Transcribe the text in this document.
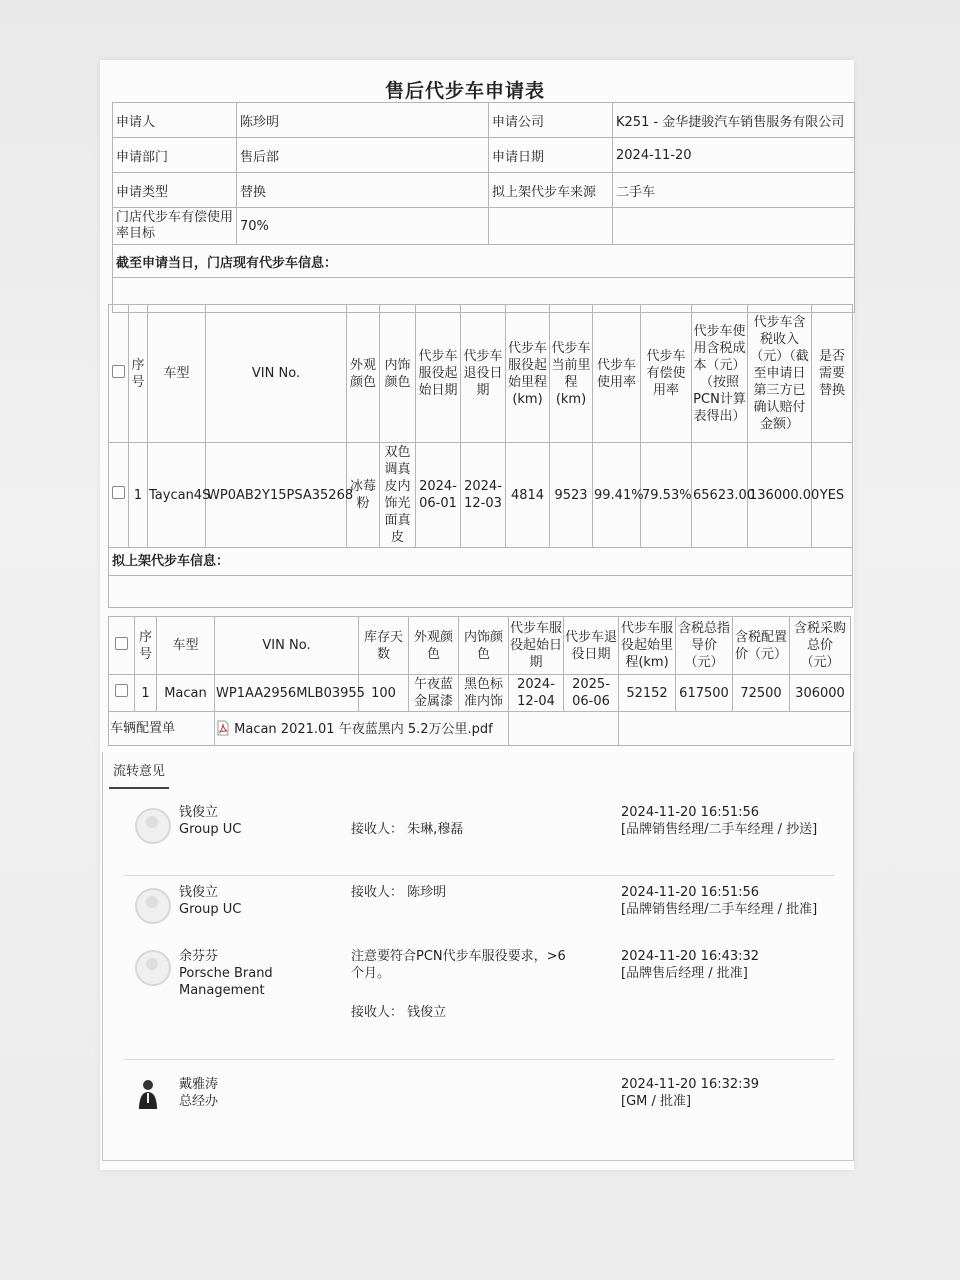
售后代步车申请表
申请人	陈珍明	申请公司	K251 - 金华捷骏汽车销售服务有限公司
申请部门	售后部	申请日期	2024-11-20
申请类型	替换	拟上架代步车来源	二手车
门店代步车有偿使用率目标	70%		
截至申请当日，门店现有代步车信息：			

	序号	车型	VIN No.	外观颜色	内饰颜色	代步车服役起始日期	代步车退役日期	代步车服役起始里程(km)	代步车当前里程(km)	代步车使用率	代步车有偿使用率	代步车使用含税成本（元）（按照PCN计算表得出）	代步车含税收入（元）（截至申请日第三方已确认赔付金额）	是否需要替换
	1	Taycan4S	WP0AB2Y15PSA35268	冰莓粉	双色调真皮内饰光面真皮	2024-06-01	2024-12-03	4814	9523	99.41%	79.53%	65623.00	136000.00	YES
拟上架代步车信息：														

	序号	车型	VIN No.	库存天数	外观颜色	内饰颜色	代步车服役起始日期	代步车退役日期	代步车服役起始里程(km)	含税总指导价（元）	含税配置价（元）	含税采购总价（元）
	1	Macan	WP1AA2956MLB03955	100	午夜蓝金属漆	黑色标准内饰	2024-12-04	2025-06-06	52152	617500	72500	306000
车辆配置单			Macan 2021.01 午夜蓝黑内 5.2万公里.pdf									
流转意见
钱俊立
Group UC	接收人： 朱琳,穆磊
2024-11-20 16:51:56
[品牌销售经理/二手车经理 / 抄送]
钱俊立
Group UC
接收人： 陈珍明	2024-11-20 16:51:56
[品牌销售经理/二手车经理 / 批准]
余芬芬
Porsche Brand Management
注意要符合PCN代步车服役要求，>6个月。
接收人： 钱俊立
2024-11-20 16:43:32
[品牌售后经理 / 批准]
戴雅涛
总经办
2024-11-20 16:32:39
[GM / 批准]
